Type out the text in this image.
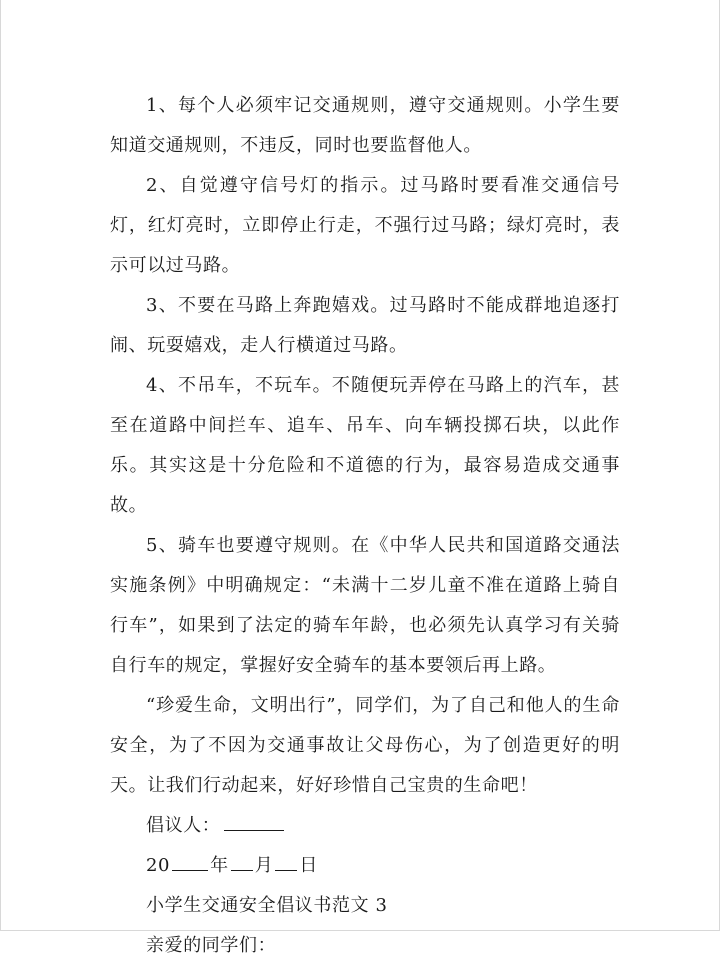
1、每个人必须牢记交通规则，遵守交通规则。小学生要知道交通规则，不违反，同时也要监督他人。

2、自觉遵守信号灯的指示。过马路时要看准交通信号灯，红灯亮时，立即停止行走，不强行过马路；绿灯亮时，表示可以过马路。

3、不要在马路上奔跑嬉戏。过马路时不能成群地追逐打闹、玩耍嬉戏，走人行横道过马路。

4、不吊车，不玩车。不随便玩弄停在马路上的汽车，甚至在道路中间拦车、追车、吊车、向车辆投掷石块，以此作乐。其实这是十分危险和不道德的行为，最容易造成交通事故。

5、骑车也要遵守规则。在《中华人民共和国道路交通法实施条例》中明确规定：“未满十二岁儿童不准在道路上骑自行车”，如果到了法定的骑车年龄，也必须先认真学习有关骑自行车的规定，掌握好安全骑车的基本要领后再上路。

“珍爱生命，文明出行”，同学们，为了自己和他人的生命安全，为了不因为交通事故让父母伤心，为了创造更好的明天。让我们行动起来，好好珍惜自己宝贵的生命吧！

倡议人：

20 年 月 日

小学生交通安全倡议书范文 3

亲爱的同学们：
